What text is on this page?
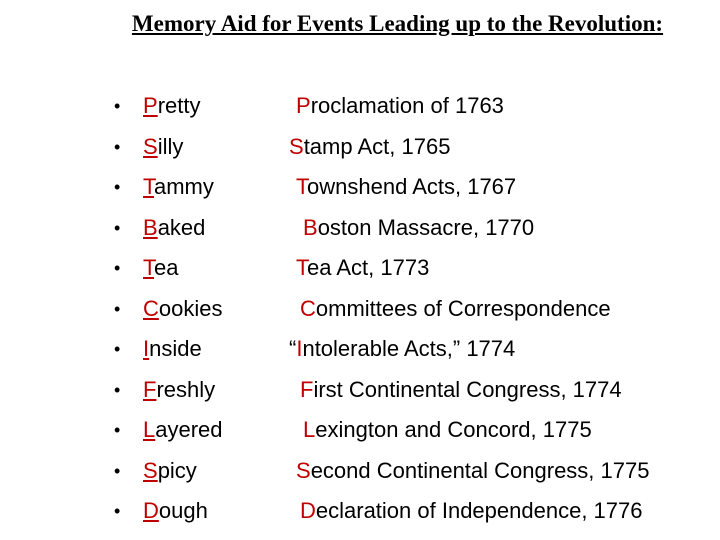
Memory Aid for Events Leading up to the Revolution:
• Pretty	Proclamation of 1763
• Silly	Stamp Act, 1765
• Tammy	Townshend Acts, 1767
• Baked	Boston Massacre, 1770
• Tea	Tea Act, 1773
• Cookies	Committees of Correspondence
• Inside	“Intolerable Acts,” 1774
• Freshly	First Continental Congress, 1774
• Layered	Lexington and Concord, 1775
• Spicy	Second Continental Congress, 1775
• Dough	Declaration of Independence, 1776
